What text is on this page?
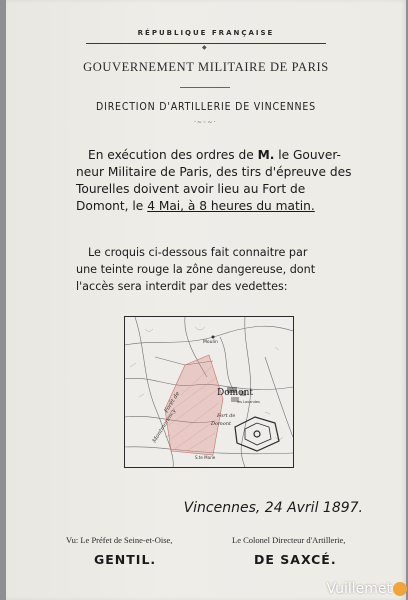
RÉPUBLIQUE FRANÇAISE
◆
GOUVERNEMENT MILITAIRE DE PARIS
DIRECTION D'ARTILLERIE DE VINCENNES
·~◦~·
En exécution des ordres de M. le Gouver-
neur Militaire de Paris, des tirs d'épreuve des
Tourelles doivent avoir lieu au Fort de
Domont, le 4 Mai, à 8 heures du matin.
Le croquis ci-dessous fait connaitre par
une teinte rouge la zône dangereuse, dont
l'accès sera interdit par des vedettes:
Moulin
Domont
les Lavandes
Fort de
Domont
Forêt de
Montmorency
S.te Marie
Vincennes, 24 Avril 1897.
Vu: Le Préfet de Seine-et-Oise,
GENTIL.
Le Colonel Directeur d'Artillerie,
DE SAXCÉ.
Vuillemet
